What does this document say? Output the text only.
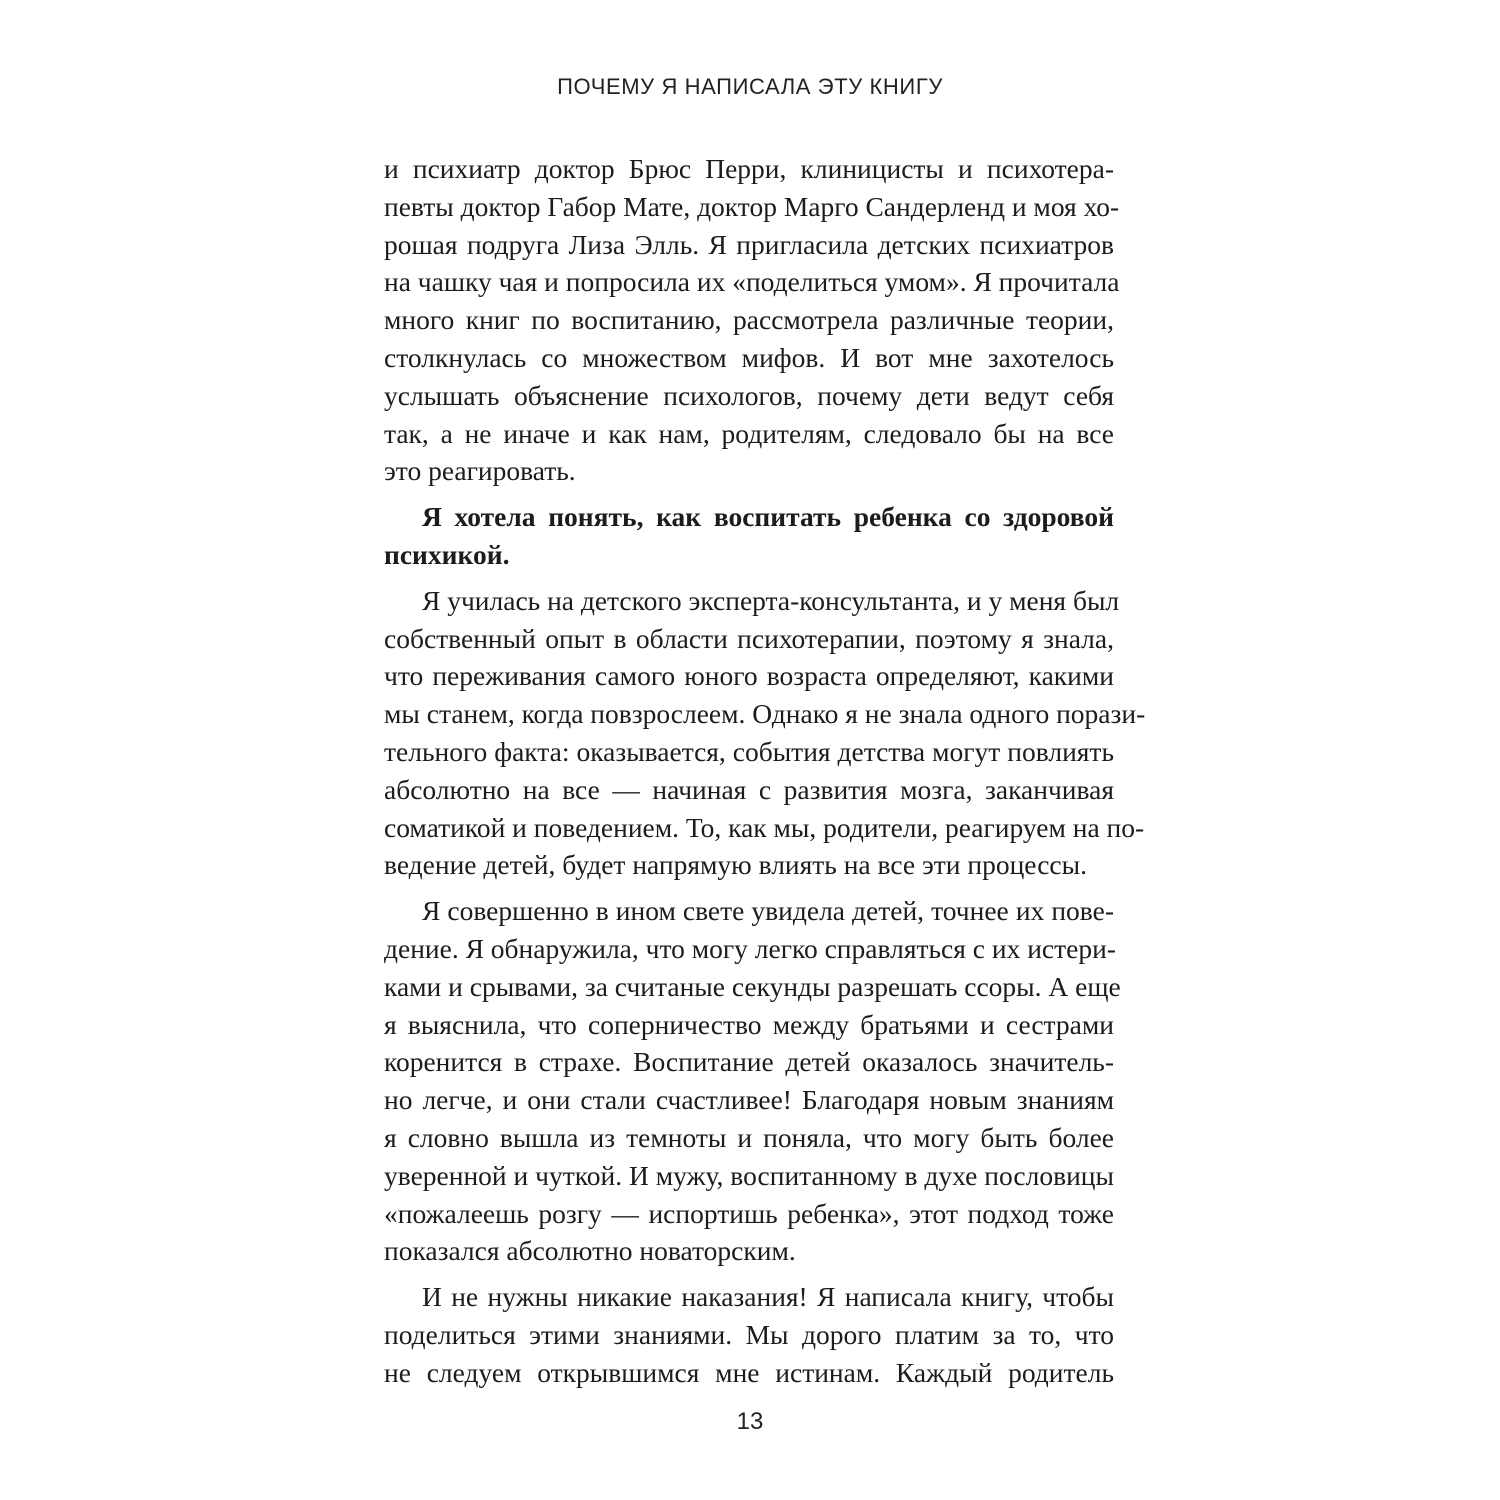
ПОЧЕМУ Я НАПИСАЛА ЭТУ КНИГУ
и психиатр доктор Брюс Перри, клиницисты и психотера-
певты доктор Габор Мате, доктор Марго Сандерленд и моя хо-
рошая подруга Лиза Элль. Я пригласила детских психиатров
на чашку чая и попросила их «поделиться умом». Я прочитала
много книг по воспитанию, рассмотрела различные теории,
столкнулась со множеством мифов. И вот мне захотелось
услышать объяснение психологов, почему дети ведут себя
так, а не иначе и как нам, родителям, следовало бы на все
это реагировать.
Я хотела понять, как воспитать ребенка со здоровой
психикой.
Я училась на детского эксперта-консультанта, и у меня был
собственный опыт в области психотерапии, поэтому я знала,
что переживания самого юного возраста определяют, какими
мы станем, когда повзрослеем. Однако я не знала одного порази-
тельного факта: оказывается, события детства могут повлиять
абсолютно на все — начиная с развития мозга, заканчивая
соматикой и поведением. То, как мы, родители, реагируем на по-
ведение детей, будет напрямую влиять на все эти процессы.
Я совершенно в ином свете увидела детей, точнее их пове-
дение. Я обнаружила, что могу легко справляться с их истери-
ками и срывами, за считаные секунды разрешать ссоры. А еще
я выяснила, что соперничество между братьями и сестрами
коренится в страхе. Воспитание детей оказалось значитель-
но легче, и они стали счастливее! Благодаря новым знаниям
я словно вышла из темноты и поняла, что могу быть более
уверенной и чуткой. И мужу, воспитанному в духе пословицы
«пожалеешь розгу — испортишь ребенка», этот подход тоже
показался абсолютно новаторским.
И не нужны никакие наказания! Я написала книгу, чтобы
поделиться этими знаниями. Мы дорого платим за то, что
не следуем открывшимся мне истинам. Каждый родитель
13
